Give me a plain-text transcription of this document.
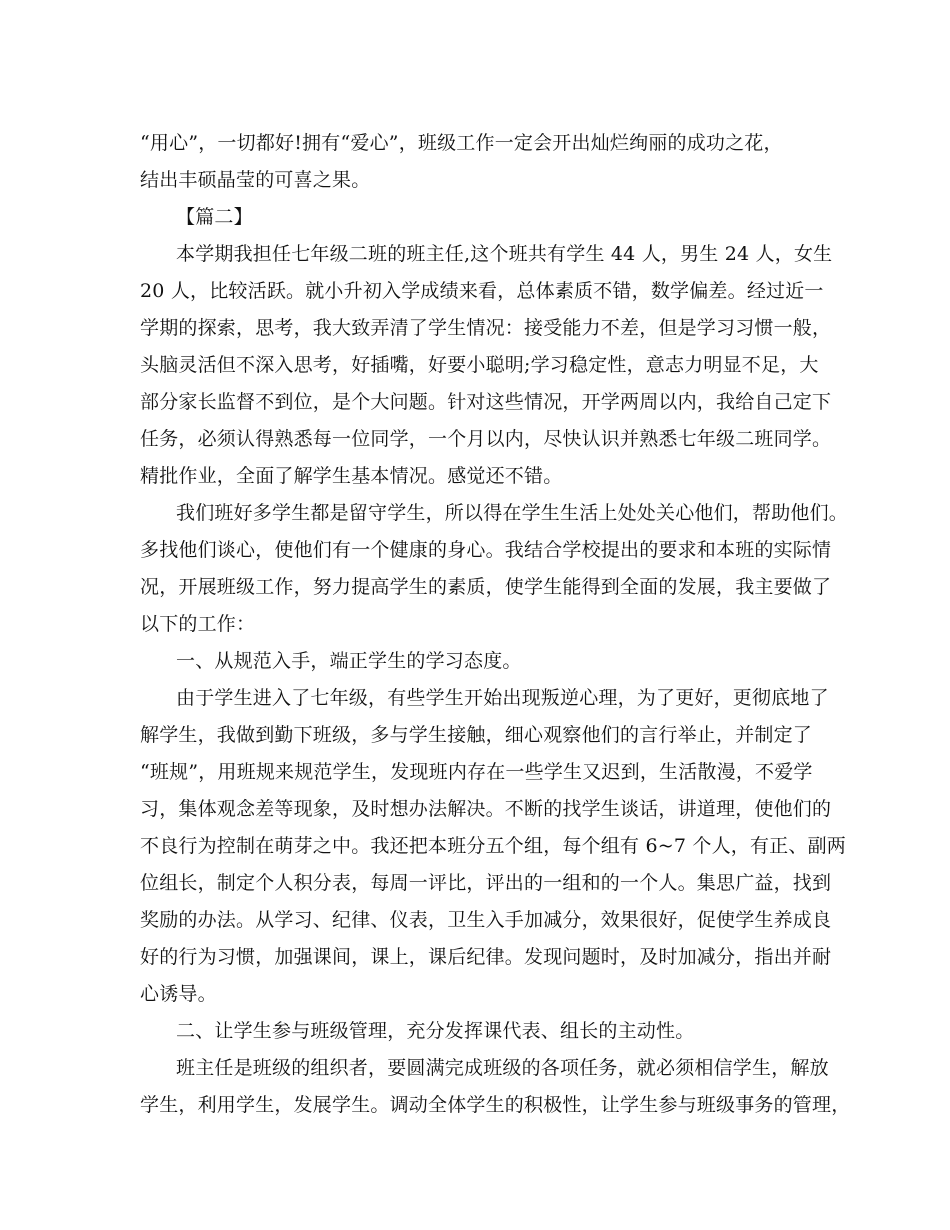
“用心”，一切都好!拥有“爱心”，班级工作一定会开出灿烂绚丽的成功之花，
结出丰硕晶莹的可喜之果。
【篇二】
本学期我担任七年级二班的班主任,这个班共有学生 44 人，男生 24 人，女生
20 人，比较活跃。就小升初入学成绩来看，总体素质不错，数学偏差。经过近一
学期的探索，思考，我大致弄清了学生情况：接受能力不差，但是学习习惯一般，
头脑灵活但不深入思考，好插嘴，好要小聪明;学习稳定性，意志力明显不足，大
部分家长监督不到位，是个大问题。针对这些情况，开学两周以内，我给自己定下
任务，必须认得熟悉每一位同学，一个月以内，尽快认识并熟悉七年级二班同学。
精批作业，全面了解学生基本情况。感觉还不错。
我们班好多学生都是留守学生，所以得在学生生活上处处关心他们，帮助他们。
多找他们谈心，使他们有一个健康的身心。我结合学校提出的要求和本班的实际情
况，开展班级工作，努力提高学生的素质，使学生能得到全面的发展，我主要做了
以下的工作：
一、从规范入手，端正学生的学习态度。
由于学生进入了七年级，有些学生开始出现叛逆心理，为了更好，更彻底地了
解学生，我做到勤下班级，多与学生接触，细心观察他们的言行举止，并制定了
“班规”，用班规来规范学生，发现班内存在一些学生又迟到，生活散漫，不爱学
习，集体观念差等现象，及时想办法解决。不断的找学生谈话，讲道理，使他们的
不良行为控制在萌芽之中。我还把本班分五个组，每个组有 6~7 个人，有正、副两
位组长，制定个人积分表，每周一评比，评出的一组和的一个人。集思广益，找到
奖励的办法。从学习、纪律、仪表，卫生入手加减分，效果很好，促使学生养成良
好的行为习惯，加强课间，课上，课后纪律。发现问题时，及时加减分，指出并耐
心诱导。
二、让学生参与班级管理，充分发挥课代表、组长的主动性。
班主任是班级的组织者，要圆满完成班级的各项任务，就必须相信学生，解放
学生，利用学生，发展学生。调动全体学生的积极性，让学生参与班级事务的管理，
